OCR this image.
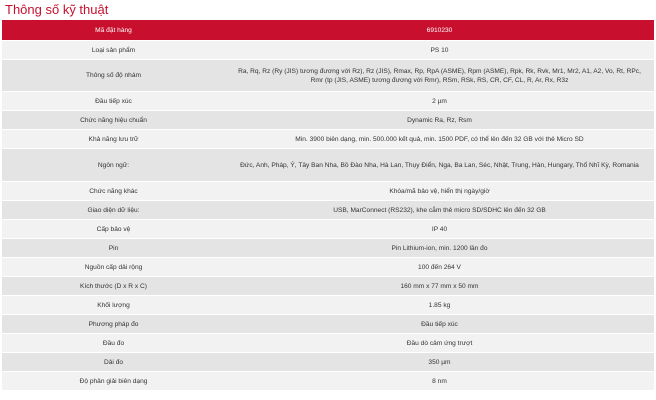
Thông số kỹ thuật
Mã đặt hàng	6910230
Loại sản phẩm	PS 10
Thông số độ nhám	Ra, Rq, Rz (Ry (JIS) tương đương với Rz), Rz (JIS), Rmax, Rp, RpA (ASME), Rpm (ASME), Rpk, Rk, Rvk, Mr1, Mr2, A1, A2, Vo, Rt, RPc, Rmr (tp (JIS, ASME) tương đương với Rmr), RSm, RSk, RS, CR, CF, CL, R, Ar, Rx, R3z
Đầu tiếp xúc	2 µm
Chức năng hiệu chuẩn	Dynamic Ra, Rz, Rsm
Khả năng lưu trữ	Min. 3900 biên dạng, min. 500.000 kết quả, min. 1500 PDF, có thể lên đến 32 GB với thẻ Micro SD
Ngôn ngữ:	Đức, Anh, Pháp, Ý, Tây Ban Nha, Bồ Đào Nha, Hà Lan, Thụy Điển, Nga, Ba Lan, Séc, Nhật, Trung, Hàn, Hungary, Thổ Nhĩ Kỳ, Romania
Chức năng khác	Khóa/mã bảo vệ, hiển thị ngày/giờ
Giao diện dữ liệu:	USB, MarConnect (RS232), khe cắm thẻ micro SD/SDHC lên đến 32 GB
Cấp bảo vệ	IP 40
Pin	Pin Lithium-ion, min. 1200 lần đo
Nguồn cấp dải rộng	100 đến 264 V
Kích thước (D x R x C)	160 mm x 77 mm x 50 mm
Khối lượng	1.85 kg
Phương pháp đo	Đầu tiếp xúc
Đầu đo	Đầu dò cảm ứng trượt
Dải đo	350 µm
Độ phân giải biên dạng	8 nm
